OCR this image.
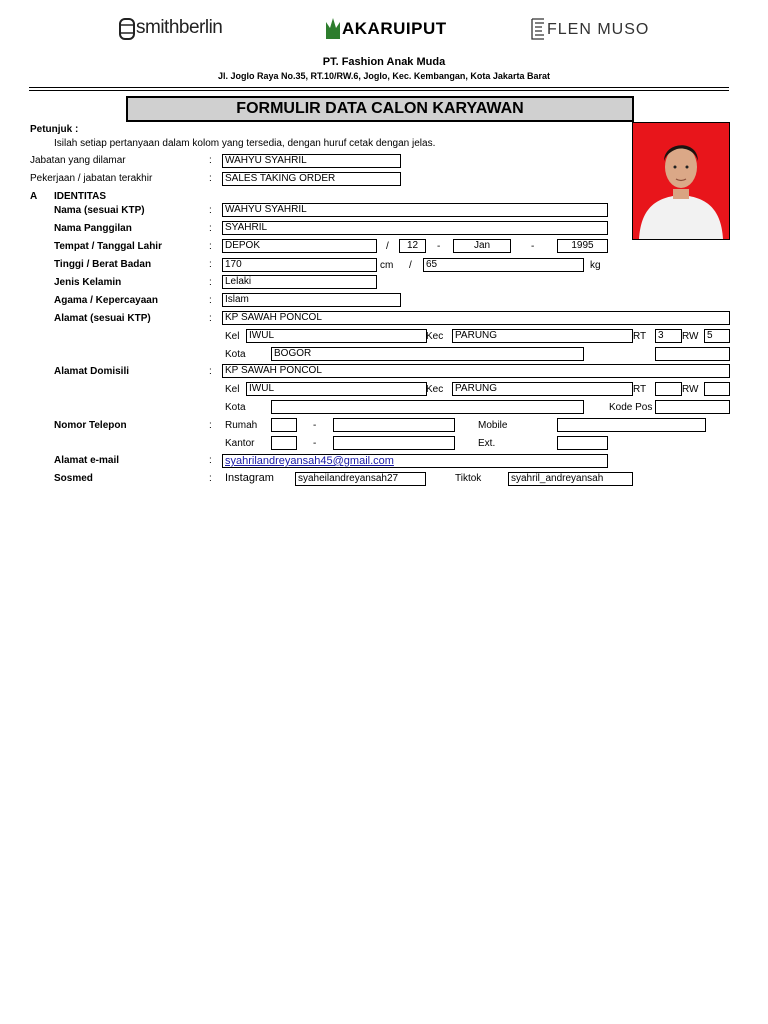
smithberlin	AKARUIPUT	FLEN MUSO
PT. Fashion Anak Muda
Jl. Joglo Raya No.35, RT.10/RW.6, Joglo, Kec. Kembangan, Kota Jakarta Barat
FORMULIR DATA CALON KARYAWAN
Petunjuk :
Isilah setiap pertanyaan dalam kolom yang tersedia, dengan huruf cetak dengan jelas.
Jabatan yang dilamar	:	WAHYU SYAHRIL
Pekerjaan / jabatan terakhir	:	SALES TAKING ORDER
A IDENTITAS
Nama (sesuai KTP)	:	WAHYU SYAHRIL
Nama Panggilan	:	SYAHRIL
Tempat / Tanggal Lahir	:	DEPOK	/	12	-	Jan	-	1995
Tinggi / Berat Badan	:	170	cm /	65	kg
Jenis Kelamin	:	Lelaki
Agama / Kepercayaan	:	Islam
Alamat (sesuai KTP)	:	KP SAWAH PONCOL
Kel IWUL	Kec	PARUNG	RT	3	RW 5
Kota	BOGOR
Alamat Domisili	:	KP SAWAH PONCOL
Kel IWUL	Kec	PARUNG	RT	RW
Kota	Kode Pos
Nomor Telepon	: Rumah	-	Mobile
Kantor	-	Ext.
Alamat e-mail	: syahrilandreyansah45@gmail.com
Sosmed	: Instagram	syaheilandreyansah27	Tiktok	syahril_andreyansah
